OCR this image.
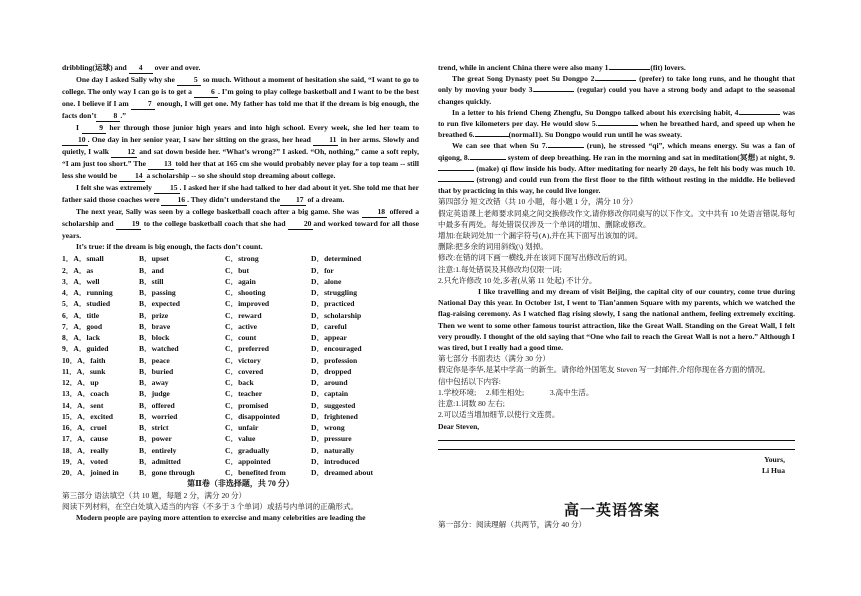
dribbling(运球) and 4 over and over.

One day I asked Sally why she 5 so much. Without a moment of hesitation she said, “I want to go to college. The only way I can go is to get a 6 . I’m going to play college basketball and I want to be the best one. I believe if I am 7 enough, I will get one. My father has told me that if the dream is big enough, the facts don’t 8 .”

I 9 her through those junior high years and into high school. Every week, she led her team to 10 . One day in her senior year, I saw her sitting on the grass, her head 11 in her arms. Slowly and quietly, I walk 12 and sat down beside her. “What’s wrong?” I asked. “Oh, nothing,” came a soft reply, “I am just too short.” The 13 told her that at 165 cm she would probably never play for a top team -- still less she would be 14 a scholarship -- so she should stop dreaming about college.

I felt she was extremely 15 . I asked her if she had talked to her dad about it yet. She told me that her father said those coaches were 16 . They didn’t understand the 17 of a dream.

The next year, Sally was seen by a college basketball coach after a big game. She was 18 offered a scholarship and 19 to the college basketball coach that she had 20 and worked toward for all those years.

It’s true: if the dream is big enough, the facts don’t count.

1．A．small	B．upset	C．strong	D．determined
2．A．as	B．and	C．but	D．for
3．A．well	B．still	C．again	D．alone
4．A．running	B．passing	C．shooting	D．struggling
5．A．studied	B．expected	C．improved	D．practiced
6．A．title	B．prize	C．reward	D．scholarship
7．A．good	B．brave	C．active	D．careful
8．A．lack	B．block	C．count	D．appear
9．A．guided	B．watched	C．preferred	D．encouraged
10．A．faith	B．peace	C．victory	D．profession
11．A．sunk	B．buried	C．covered	D．dropped
12．A．up	B．away	C．back	D．around
13．A．coach	B．judge	C．teacher	D．captain
14．A．sent	B．offered	C．promised	D．suggested
15．A．excited	B．worried	C．disappointed	D．frightened
16．A．cruel	B．strict	C．unfair	D．wrong
17．A．cause	B．power	C．value	D．pressure
18．A．really	B．entirely	C．gradually	D．naturally
19．A．voted	B．admitted	C．appointed	D．introduced
20．A．joined in	B．gone through	C．benefited from	D．dreamed about
第Ⅱ卷（非选择题，共 70 分）
第三部分 语法填空（共 10 题，每题 2 分，满分 20 分）
阅读下列材料，在空白处填入适当的内容（不多于 3 个单词）或括号内单词的正确形式。

Modern people are paying more attention to exercise and many celebrities are leading the

trend, while in ancient China there were also many 1.	(fit) lovers.

The great Song Dynasty poet Su Dongpo 2.	(prefer) to take long runs, and he thought that only by moving your body 3.	(regular) could you have a strong body and adapt to the seasonal changes quickly.

In a letter to his friend Cheng Zhengfu, Su Dongpo talked about his exercising habit, 4.	was to run five kilometers per day. He would slow 5.	when he breathed hard, and speed up when he breathed 6.	(normal1). Su Dongpo would run until he was sweaty.

We can see that when Su 7.	(run), he stressed “qi”, which means energy. Su was a fan of qigong, 8.	system of deep breathing. He ran in the morning and sat in meditation(冥想) at night, 9. (make) qi flow inside his body. After meditating for nearly 20 days, he felt his body was much 10. (strong) and could run from the first floor to the fifth without resting in the middle. He believed that by practicing in this way, he could live longer.

第四部分 短文改错（共 10 小题，每小题 1 分，满分 10 分）

假定英语课上老师要求同桌之间交换修改作文,请你修改你同桌写的以下作文。文中共有 10 处语言错误,每句中最多有两处。每处错误仅涉及一个单词的增加、删除或修改。

增加:在缺词处加一个漏字符号(∧),并在其下面写出该加的词。
删除:把多余的词用斜线(\) 划掉。
修改:在错的词下画一横线,并在该词下面写出修改后的词。
注意:1.每处错误及其修改均仅限一词;
2.只允许修改 10 处,多者(从第 11 处起) 不计分。

I like travelling and my dream of visit Beijing, the capital city of our country, come true during National Day this year. In October 1st, I went to Tian’anmen Square with my parents, which we watched the flag-raising ceremony. As I watched flag rising slowly, I sang the national anthem, feeling extremely exciting. Then we went to some other famous tourist attraction, like the Great Wall. Standing on the Great Wall, I felt very proudly. I thought of the old saying that “One who fail to reach the Great Wall is not a hero.” Although I was tired, but I really had a good time.

第七部分 书面表达（满分 30 分）

假定你是李华,是某中学高一的新生。请你给外国笔友 Steven 写一封邮件,介绍你现在各方面的情况。

信中包括以下内容:
1.学校环境; 2.师生相处;	3.高中生活。
注意:1.词数 80 左右;
2.可以适当增加细节,以使行文连贯。
Dear Steven,
Yours,
Li Hua
高一英语答案
第一部分：阅读理解（共两节，满分 40 分）
